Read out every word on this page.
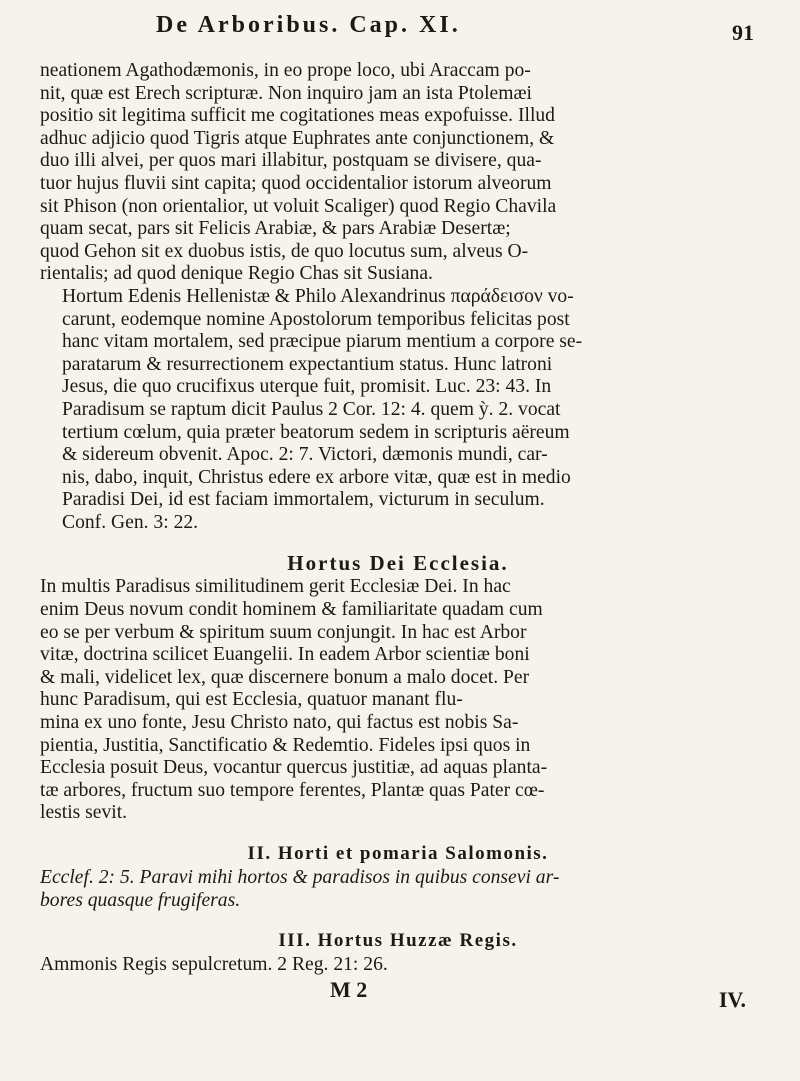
De Arboribus. Cap. XI.	91
neationem Agathodæmonis, in eo prope loco, ubi Araccam po-
nit, quæ est Erech scripturæ. Non inquiro jam an ista Ptolemæi
positio sit legitima sufficit me cogitationes meas expofuisse. Illud
adhuc adjicio quod Tigris atque Euphrates ante conjunctionem, &
duo illi alvei, per quos mari illabitur, postquam se divisere, qua-
tuor hujus fluvii sint capita; quod occidentalior istorum alveorum
sit Phison (non orientalior, ut voluit Scaliger) quod Regio Chavila
quam secat, pars sit Felicis Arabiæ, & pars Arabiæ Desertæ;
quod Gehon sit ex duobus istis, de quo locutus sum, alveus O-
rientalis; ad quod denique Regio Chas sit Susiana.
Hortum Edenis Hellenistæ & Philo Alexandrinus παράδεισον vo-
carunt, eodemque nomine Apostolorum temporibus felicitas post
hanc vitam mortalem, sed præcipue piarum mentium a corpore se-
paratarum & resurrectionem expectantium status. Hunc latroni
Jesus, die quo crucifixus uterque fuit, promisit. Luc. 23: 43. In
Paradisum se raptum dicit Paulus 2 Cor. 12: 4. quem ỳ. 2. vocat
tertium cœlum, quia præter beatorum sedem in scripturis aëreum
& sidereum obvenit. Apoc. 2: 7. Victori, dæmonis mundi, car-
nis, dabo, inquit, Christus edere ex arbore vitæ, quæ est in medio
Paradisi Dei, id est faciam immortalem, victurum in seculum.
Conf. Gen. 3: 22.
Hortus Dei Ecclesia.
In multis Paradisus similitudinem gerit Ecclesiæ Dei. In hac
enim Deus novum condit hominem & familiaritate quadam cum
eo se per verbum & spiritum suum conjungit. In hac est Arbor
vitæ, doctrina scilicet Euangelii. In eadem Arbor scientiæ boni
& mali, videlicet lex, quæ discernere bonum a malo docet. Per
hunc Paradisum, qui est Ecclesia, quatuor manant flu-
mina ex uno fonte, Jesu Christo nato, qui factus est nobis Sa-
pientia, Justitia, Sanctificatio & Redemtio. Fideles ipsi quos in
Ecclesia posuit Deus, vocantur quercus justitiæ, ad aquas planta-
tæ arbores, fructum suo tempore ferentes, Plantæ quas Pater cœ-
lestis sevit.
II. Horti et pomaria Salomonis.
Ecclef. 2: 5. Paravi mihi hortos & paradisos in quibus consevi ar-
bores quasque frugiferas.
III. Hortus Huzzæ Regis.
Ammonis Regis sepulcretum. 2 Reg. 21: 26.
M 2	IV.
